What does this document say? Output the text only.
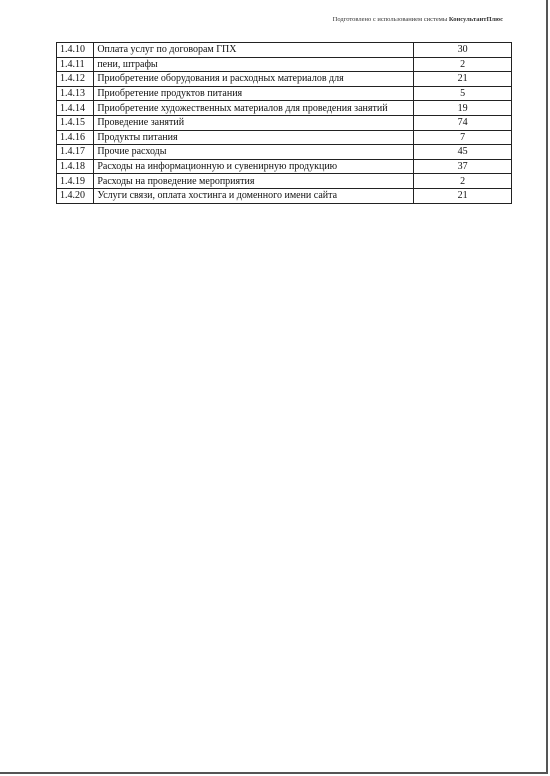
Подготовлено с использованием системы КонсультантПлюс
1.4.10	Оплата услуг по договорам ГПХ	30
1.4.11	пени, штрафы	2
1.4.12	Приобретение оборудования и расходных материалов для	21
1.4.13	Приобретение продуктов питания	5
1.4.14	Приобретение художественных материалов для проведения занятий	19
1.4.15	Проведение занятий	74
1.4.16	Продукты питания	7
1.4.17	Прочие расходы	45
1.4.18	Расходы на информационную и сувенирную продукцию	37
1.4.19	Расходы на проведение мероприятия	2
1.4.20	Услуги связи, оплата хостинга и доменного имени сайта	21
